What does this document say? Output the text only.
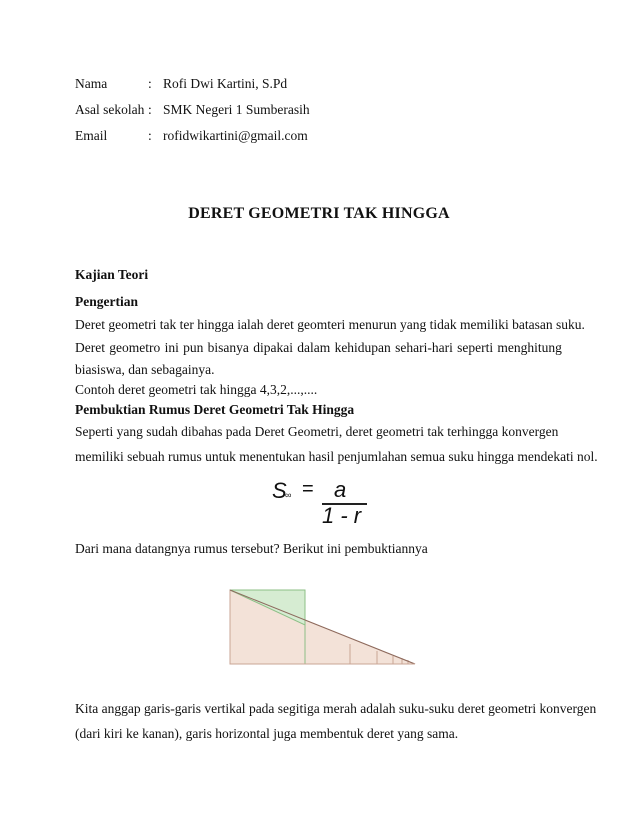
Nama	: Rofi Dwi Kartini, S.Pd
Asal sekolah : SMK Negeri 1 Sumberasih
Email	: rofidwikartini@gmail.com
DERET GEOMETRI TAK HINGGA
Kajian Teori
Pengertian
Deret geometri tak ter hingga ialah deret geomteri menurun yang tidak memiliki batasan suku.
Deret geometro ini pun bisanya dipakai dalam kehidupan sehari-hari seperti menghitung
biasiswa, dan sebagainya.
Contoh deret geometri tak hingga 4,3,2,...,....
Pembuktian Rumus Deret Geometri Tak Hingga
Seperti yang sudah dibahas pada Deret Geometri, deret geometri tak terhingga konvergen
memiliki sebuah rumus untuk menentukan hasil penjumlahan semua suku hingga mendekati nol.
S
∞ = a
1 - r
Dari mana datangnya rumus tersebut? Berikut ini pembuktiannya
Kita anggap garis-garis vertikal pada segitiga merah adalah suku-suku deret geometri konvergen
(dari kiri ke kanan), garis horizontal juga membentuk deret yang sama.
